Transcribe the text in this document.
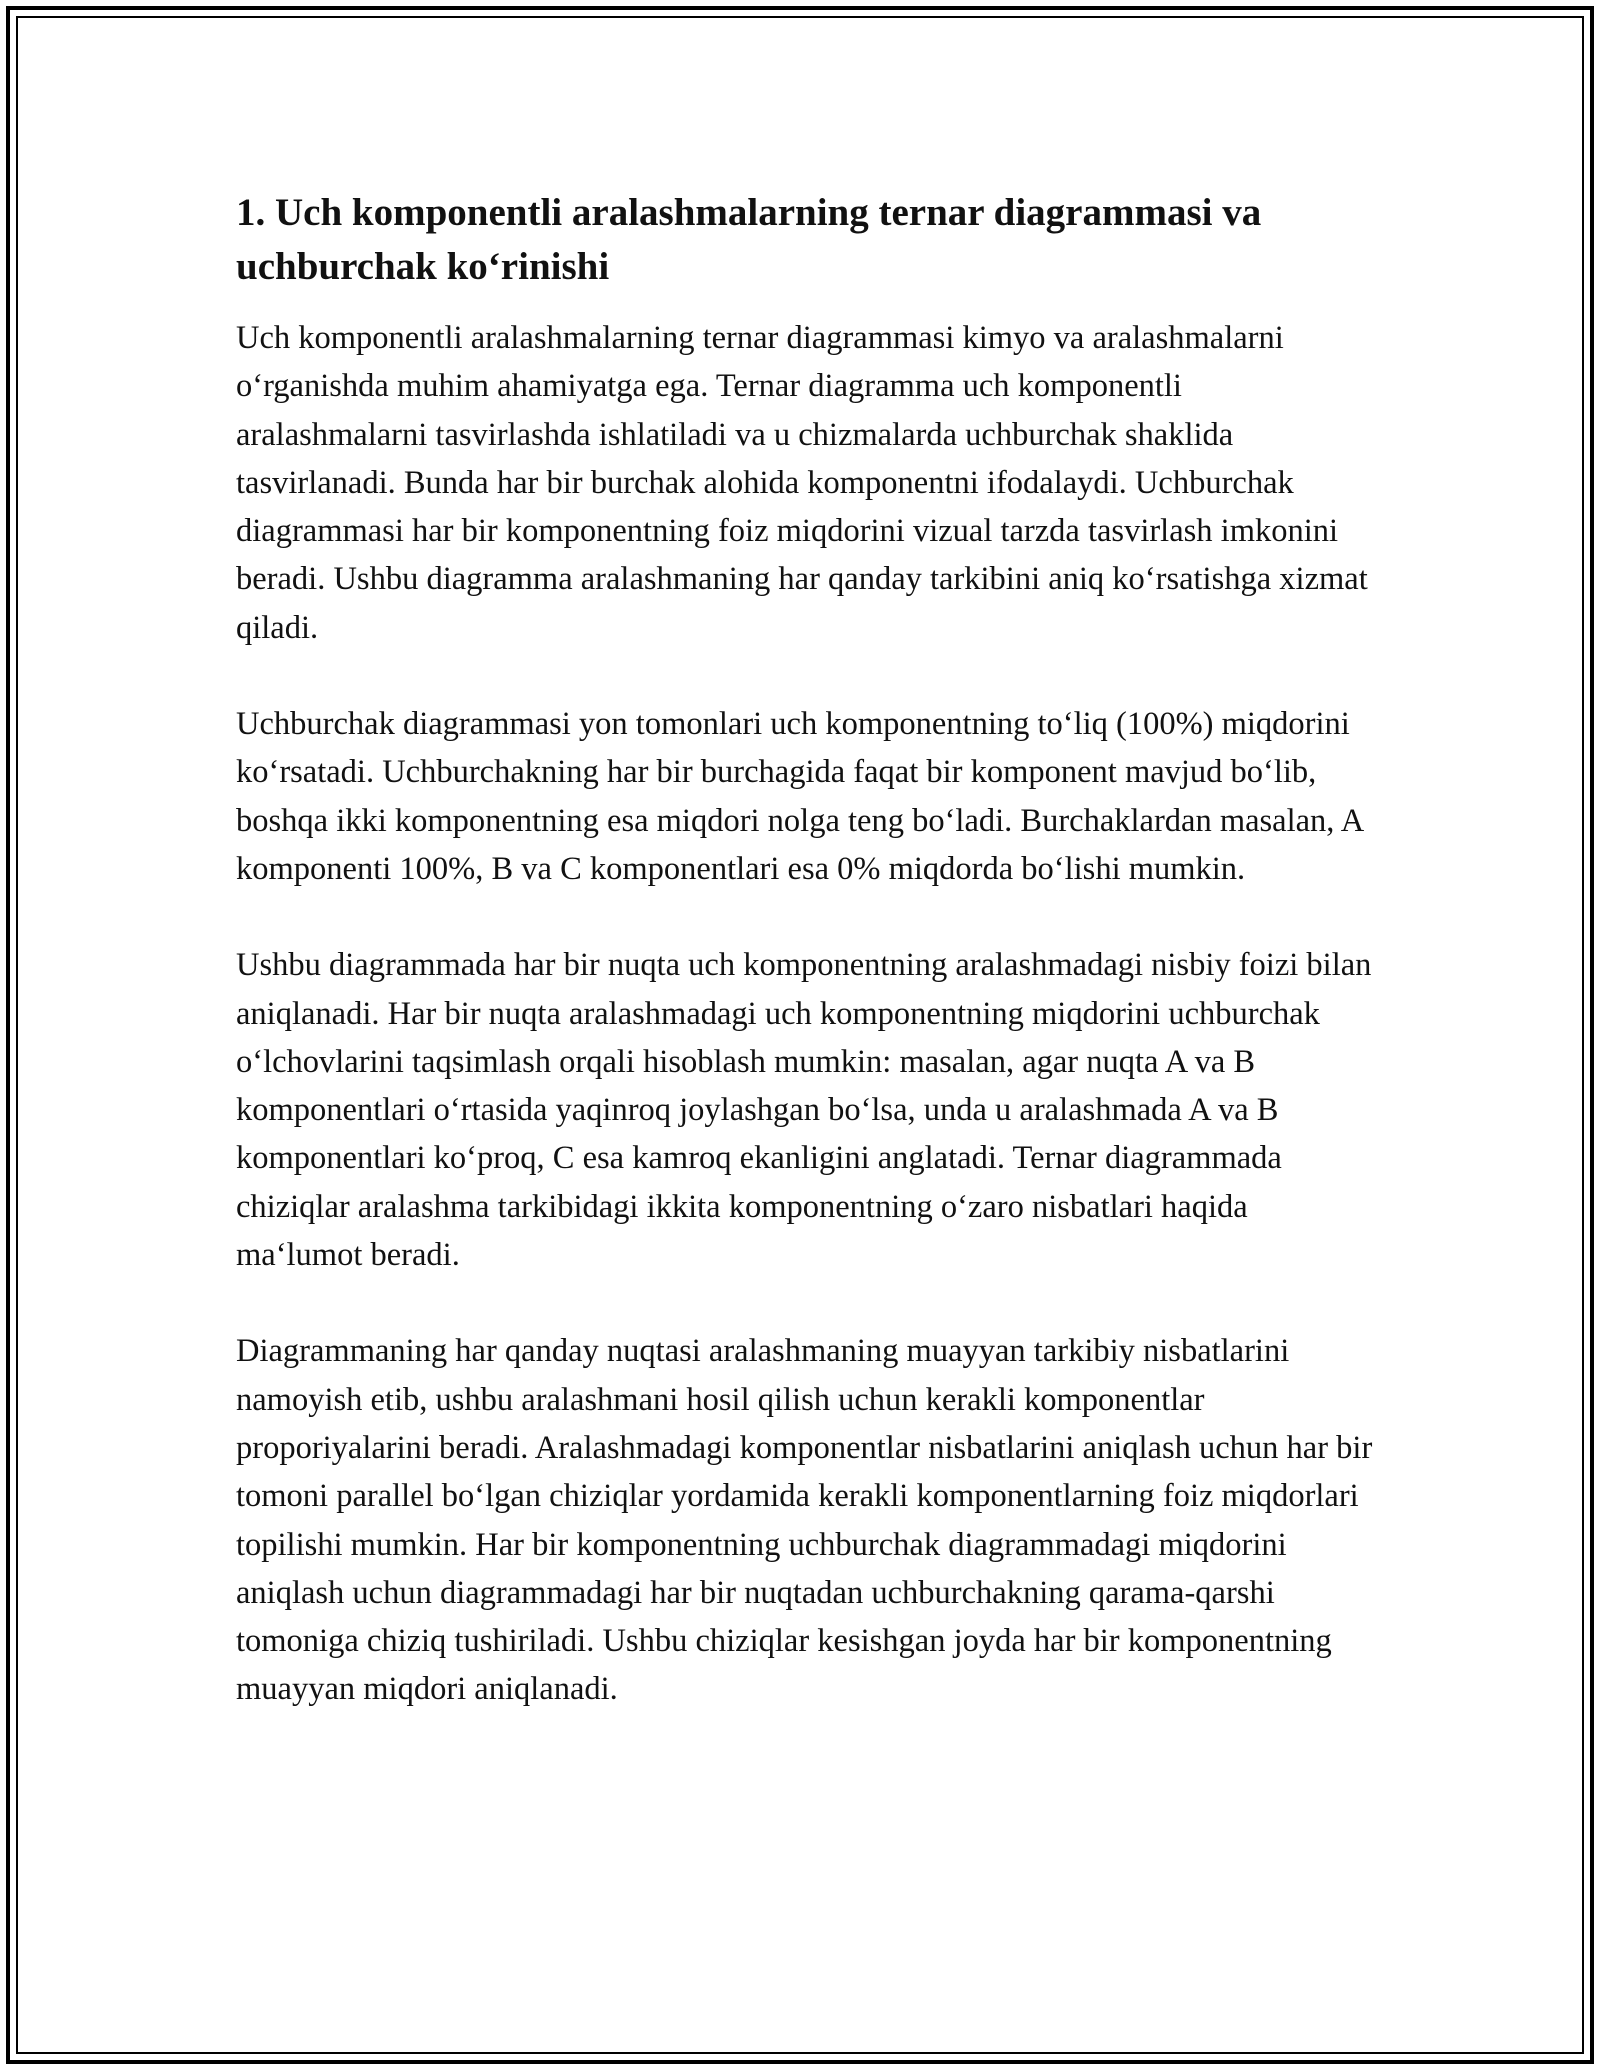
1. Uch komponentli aralashmalarning ternar diagrammasi va uchburchak ko‘rinishi

Uch komponentli aralashmalarning ternar diagrammasi kimyo va aralashmalarni o‘rganishda muhim ahamiyatga ega. Ternar diagramma uch komponentli aralashmalarni tasvirlashda ishlatiladi va u chizmalarda uchburchak shaklida tasvirlanadi. Bunda har bir burchak alohida komponentni ifodalaydi. Uchburchak diagrammasi har bir komponentning foiz miqdorini vizual tarzda tasvirlash imkonini beradi. Ushbu diagramma aralashmaning har qanday tarkibini aniq ko‘rsatishga xizmat qiladi.

Uchburchak diagrammasi yon tomonlari uch komponentning to‘liq (100%) miqdorini ko‘rsatadi. Uchburchakning har bir burchagida faqat bir komponent mavjud bo‘lib, boshqa ikki komponentning esa miqdori nolga teng bo‘ladi. Burchaklardan masalan, A komponenti 100%, B va C komponentlari esa 0% miqdorda bo‘lishi mumkin.

Ushbu diagrammada har bir nuqta uch komponentning aralashmadagi nisbiy foizi bilan aniqlanadi. Har bir nuqta aralashmadagi uch komponentning miqdorini uchburchak o‘lchovlarini taqsimlash orqali hisoblash mumkin: masalan, agar nuqta A va B komponentlari o‘rtasida yaqinroq joylashgan bo‘lsa, unda u aralashmada A va B komponentlari ko‘proq, C esa kamroq ekanligini anglatadi. Ternar diagrammada chiziqlar aralashma tarkibidagi ikkita komponentning o‘zaro nisbatlari haqida ma‘lumot beradi.

Diagrammaning har qanday nuqtasi aralashmaning muayyan tarkibiy nisbatlarini namoyish etib, ushbu aralashmani hosil qilish uchun kerakli komponentlar proporiyalarini beradi. Aralashmadagi komponentlar nisbatlarini aniqlash uchun har bir tomoni parallel bo‘lgan chiziqlar yordamida kerakli komponentlarning foiz miqdorlari topilishi mumkin. Har bir komponentning uchburchak diagrammadagi miqdorini aniqlash uchun diagrammadagi har bir nuqtadan uchburchakning qarama-qarshi tomoniga chiziq tushiriladi. Ushbu chiziqlar kesishgan joyda har bir komponentning muayyan miqdori aniqlanadi.
